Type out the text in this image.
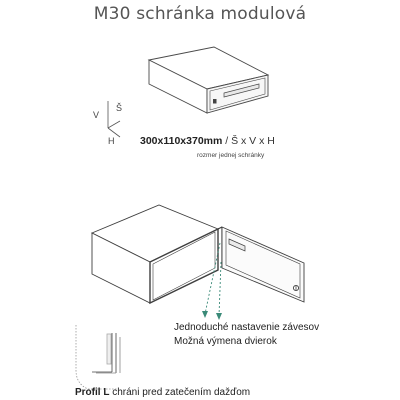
M30 schránka modulová
V
Š
H 300x110x370mm / Š x V x H
rozmer jednej schránky
Jednoduché nastavenie závesov
Možná výmena dvierok
Profil L chráni pred zatečením dažďom
